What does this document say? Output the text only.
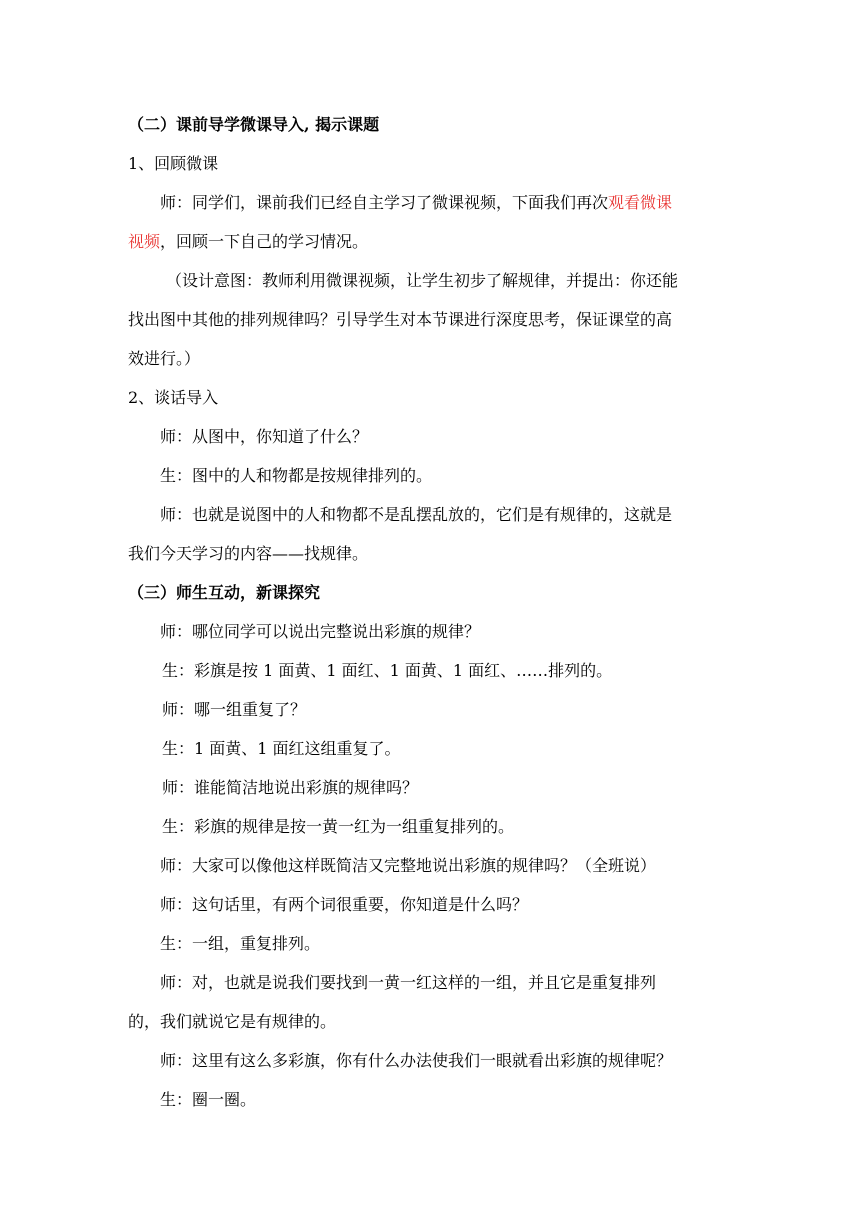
（二）课前导学微课导入, 揭示课题
1、回顾微课
师：同学们，课前我们已经自主学习了微课视频，下面我们再次观看微课
视频，回顾一下自己的学习情况。
（设计意图：教师利用微课视频，让学生初步了解规律，并提出：你还能
找出图中其他的排列规律吗？引导学生对本节课进行深度思考，保证课堂的高
效进行。）
2、谈话导入
师：从图中，你知道了什么？
生：图中的人和物都是按规律排列的。
师：也就是说图中的人和物都不是乱摆乱放的，它们是有规律的，这就是
我们今天学习的内容——找规律。
（三）师生互动，新课探究
师：哪位同学可以说出完整说出彩旗的规律？
生：彩旗是按 1 面黄、1 面红、1 面黄、1 面红、……排列的。
师：哪一组重复了？
生：1 面黄、1 面红这组重复了。
师：谁能简洁地说出彩旗的规律吗？
生：彩旗的规律是按一黄一红为一组重复排列的。
师：大家可以像他这样既简洁又完整地说出彩旗的规律吗？（全班说）
师：这句话里，有两个词很重要，你知道是什么吗？
生：一组，重复排列。
师：对，也就是说我们要找到一黄一红这样的一组，并且它是重复排列
的，我们就说它是有规律的。
师：这里有这么多彩旗，你有什么办法使我们一眼就看出彩旗的规律呢？
生：圈一圈。
